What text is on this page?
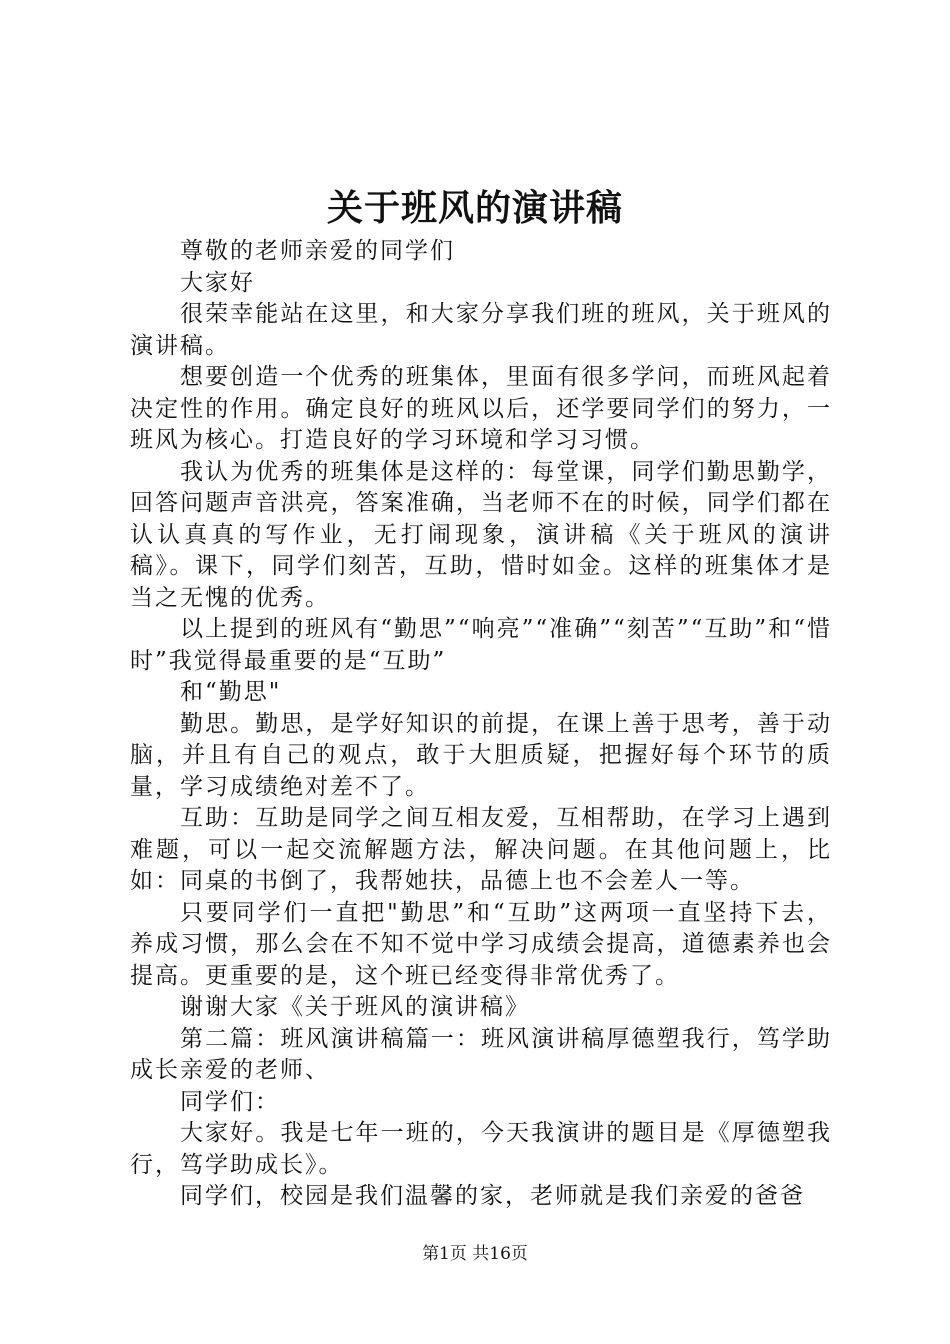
关于班风的演讲稿

尊敬的老师亲爱的同学们

大家好

很荣幸能站在这里，和大家分享我们班的班风，关于班风的演讲稿。

想要创造一个优秀的班集体，里面有很多学问，而班风起着决定性的作用。确定良好的班风以后，还学要同学们的努力，一班风为核心。打造良好的学习环境和学习习惯。

我认为优秀的班集体是这样的：每堂课，同学们勤思勤学，回答问题声音洪亮，答案准确，当老师不在的时候，同学们都在认认真真的写作业，无打闹现象，演讲稿《关于班风的演讲稿》。课下，同学们刻苦，互助，惜时如金。这样的班集体才是当之无愧的优秀。

以上提到的班风有“勤思”“响亮”“准确”“刻苦”“互助”和“惜时”我觉得最重要的是“互助”

和“勤思"

勤思。勤思，是学好知识的前提，在课上善于思考，善于动脑，并且有自己的观点，敢于大胆质疑，把握好每个环节的质量，学习成绩绝对差不了。

互助：互助是同学之间互相友爱，互相帮助，在学习上遇到难题，可以一起交流解题方法，解决问题。在其他问题上，比如：同桌的书倒了，我帮她扶，品德上也不会差人一等。

只要同学们一直把"勤思”和“互助”这两项一直坚持下去，养成习惯，那么会在不知不觉中学习成绩会提高，道德素养也会提高。更重要的是，这个班已经变得非常优秀了。

谢谢大家《关于班风的演讲稿》

第二篇：班风演讲稿篇一：班风演讲稿厚德塑我行，笃学助成长亲爱的老师、

同学们：

大家好。我是七年一班的，今天我演讲的题目是《厚德塑我行，笃学助成长》。

同学们，校园是我们温馨的家，老师就是我们亲爱的爸爸

第1页 共16页
